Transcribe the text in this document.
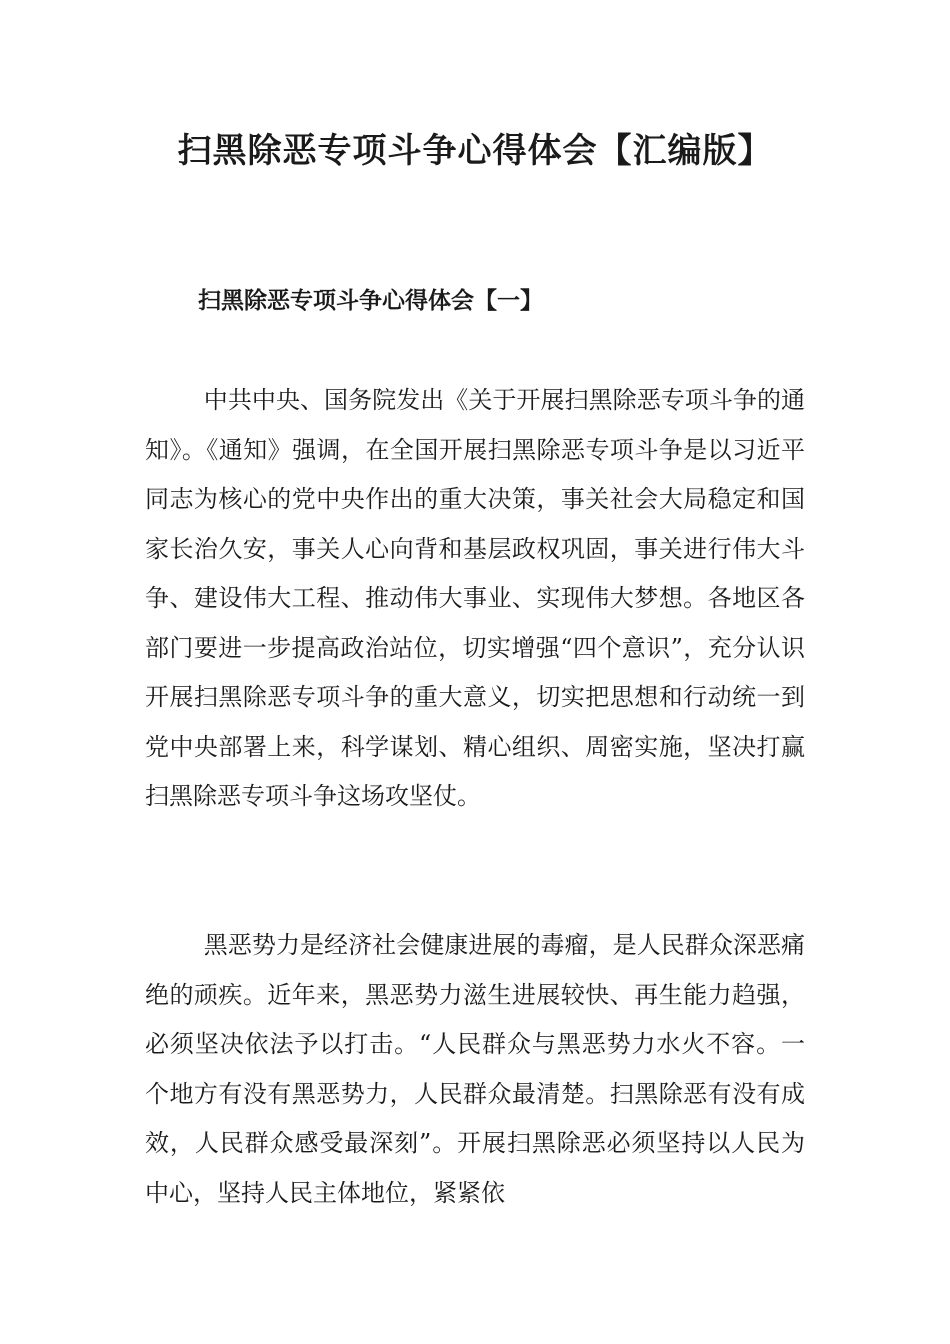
扫黑除恶专项斗争心得体会【汇编版】
扫黑除恶专项斗争心得体会【一】

中共中央、国务院发出《关于开展扫黑除恶专项斗争的通知》。《通知》强调，在全国开展扫黑除恶专项斗争是以习近平同志为核心的党中央作出的重大决策，事关社会大局稳定和国家长治久安，事关人心向背和基层政权巩固，事关进行伟大斗争、建设伟大工程、推动伟大事业、实现伟大梦想。各地区各部门要进一步提高政治站位，切实增强“四个意识”，充分认识开展扫黑除恶专项斗争的重大意义，切实把思想和行动统一到党中央部署上来，科学谋划、精心组织、周密实施，坚决打赢扫黑除恶专项斗争这场攻坚仗。

黑恶势力是经济社会健康进展的毒瘤，是人民群众深恶痛绝的顽疾。近年来，黑恶势力滋生进展较快、再生能力趋强，必须坚决依法予以打击。“人民群众与黑恶势力水火不容。一个地方有没有黑恶势力，人民群众最清楚。扫黑除恶有没有成效，人民群众感受最深刻”。开展扫黑除恶必须坚持以人民为中心，坚持人民主体地位，紧紧依
